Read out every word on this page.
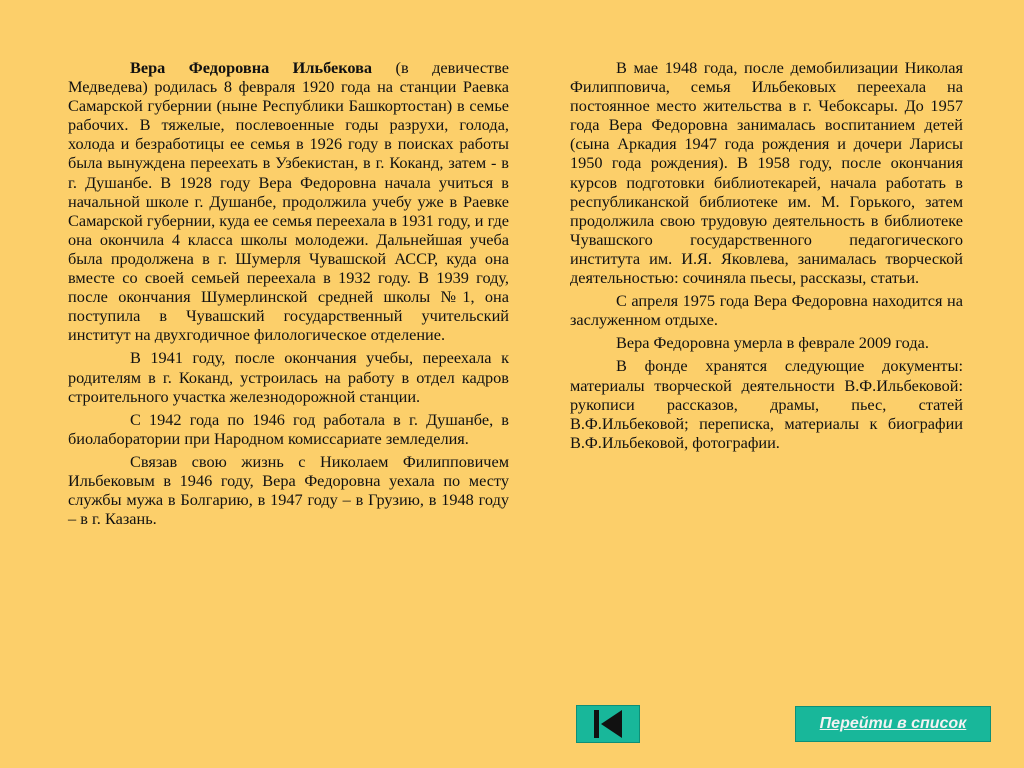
Вера Федоровна Ильбекова (в девичестве Медведева) родилась 8 февраля 1920 года на станции Раевка Самарской губернии (ныне Республики Башкортостан) в семье рабочих. В тяжелые, послевоенные годы разрухи, голода, холода и безработицы ее семья в 1926 году в поисках работы была вынуждена переехать в Узбекистан, в г. Коканд, затем - в г. Душанбе. В 1928 году Вера Федоровна начала учиться в начальной школе г. Душанбе, продолжила учебу уже в Раевке Самарской губернии, куда ее семья переехала в 1931 году, и где она окончила 4 класса школы молодежи. Дальнейшая учеба была продолжена в г. Шумерля Чувашской АССР, куда она вместе со своей семьей переехала в 1932 году. В 1939 году, после окончания Шумерлинской средней школы №1, она поступила в Чувашский государственный учительский институт на двухгодичное филологическое отделение.

В 1941 году, после окончания учебы, переехала к родителям в г. Коканд, устроилась на работу в отдел кадров строительного участка железнодорожной станции.

С 1942 года по 1946 год работала в г. Душанбе, в биолаборатории при Народном комиссариате земледелия.

Связав свою жизнь с Николаем Филипповичем Ильбековым в 1946 году, Вера Федоровна уехала по месту службы мужа в Болгарию, в 1947 году – в Грузию, в 1948 году – в г. Казань.

В мае 1948 года, после демобилизации Николая Филипповича, семья Ильбековых переехала на постоянное место жительства в г. Чебоксары. До 1957 года Вера Федоровна занималась воспитанием детей (сына Аркадия 1947 года рождения и дочери Ларисы 1950 года рождения). В 1958 году, после окончания курсов подготовки библиотекарей, начала работать в республиканской библиотеке им. М. Горького, затем продолжила свою трудовую деятельность в библиотеке Чувашского государственного педагогического института им. И.Я. Яковлева, занималась творческой деятельностью: сочиняла пьесы, рассказы, статьи.

С апреля 1975 года Вера Федоровна находится на заслуженном отдыхе.

Вера Федоровна умерла в феврале 2009 года.

В фонде хранятся следующие документы: материалы творческой деятельности В.Ф.Ильбековой: рукописи рассказов, драмы, пьес, статей В.Ф.Ильбековой; переписка, материалы к биографии В.Ф.Ильбековой, фотографии.

Перейти в список
